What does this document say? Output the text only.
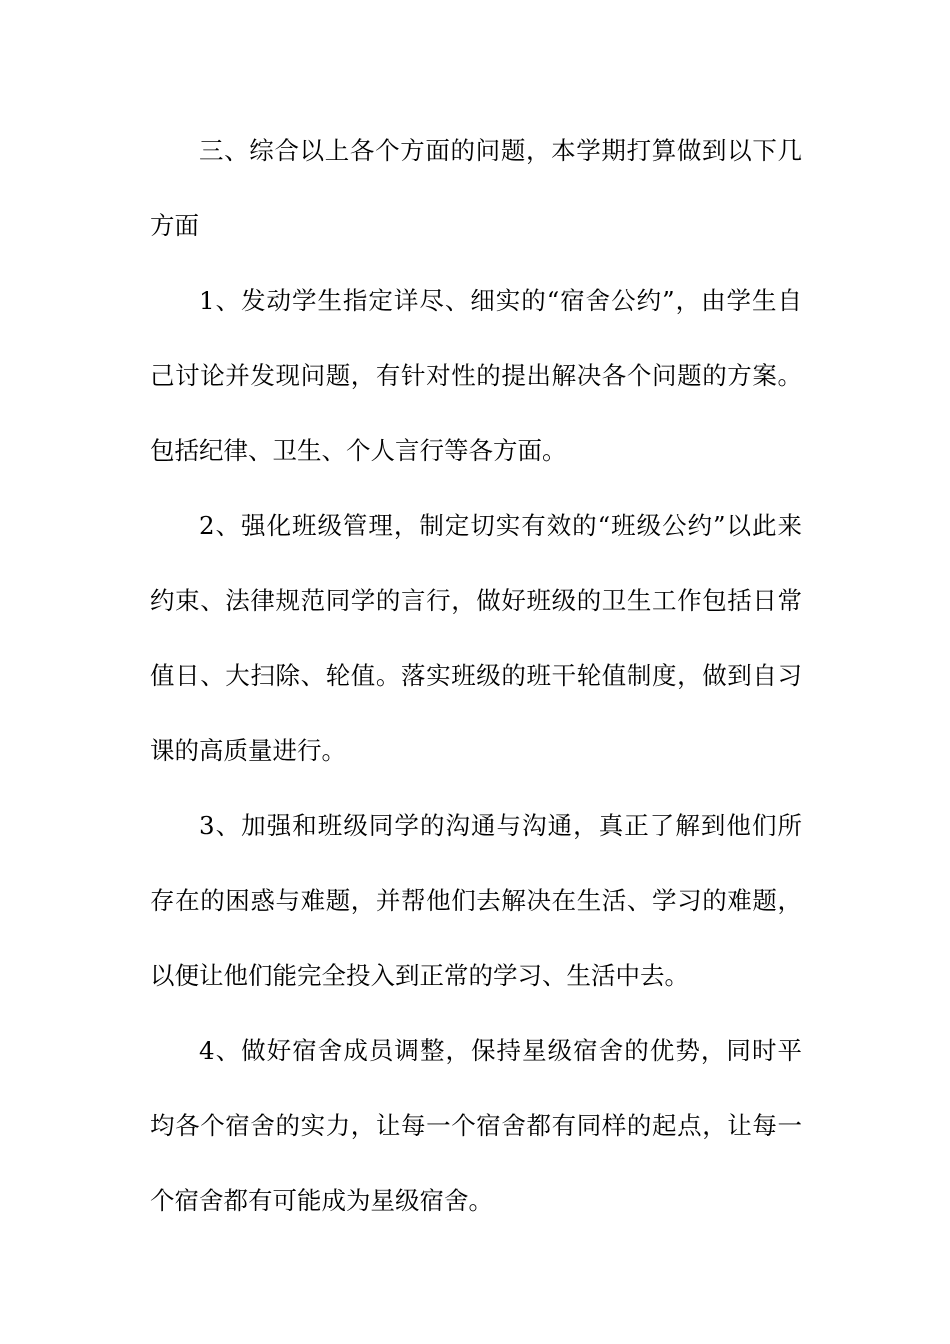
三、综合以上各个方面的问题，本学期打算做到以下几方面

1、发动学生指定详尽、细实的“宿舍公约”，由学生自己讨论并发现问题，有针对性的提出解决各个问题的方案。包括纪律、卫生、个人言行等各方面。

2、强化班级管理，制定切实有效的“班级公约”以此来约束、法律规范同学的言行，做好班级的卫生工作包括日常值日、大扫除、轮值。落实班级的班干轮值制度，做到自习课的高质量进行。

3、加强和班级同学的沟通与沟通，真正了解到他们所存在的困惑与难题，并帮他们去解决在生活、学习的难题，以便让他们能完全投入到正常的学习、生活中去。

4、做好宿舍成员调整，保持星级宿舍的优势，同时平均各个宿舍的实力，让每一个宿舍都有同样的起点，让每一个宿舍都有可能成为星级宿舍。
